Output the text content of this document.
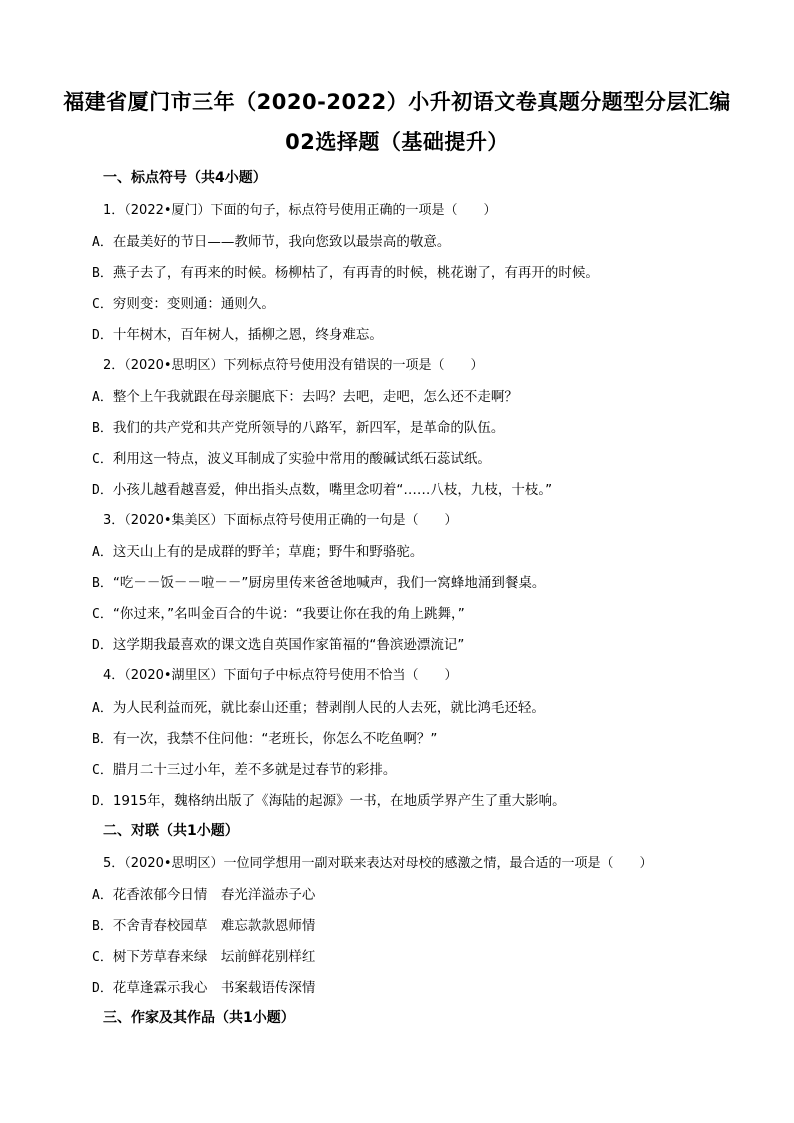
福建省厦门市三年（2020-2022）小升初语文卷真题分题型分层汇编
02选择题（基础提升）
一、标点符号（共4小题）
1．（2022•厦门）下面的句子，标点符号使用正确的一项是（　　）
A．在最美好的节日——教师节，我向您致以最崇高的敬意。
B．燕子去了，有再来的时候。杨柳枯了，有再青的时候，桃花谢了，有再开的时候。
C．穷则变：变则通：通则久。
D．十年树木，百年树人，插柳之恩，终身难忘。
2．（2020•思明区）下列标点符号使用没有错误的一项是（　　）
A．整个上午我就跟在母亲腿底下：去吗？去吧，走吧，怎么还不走啊？
B．我们的共产党和共产党所领导的八路军，新四军，是革命的队伍。
C．利用这一特点，波义耳制成了实验中常用的酸碱试纸石蕊试纸。
D．小孩儿越看越喜爱，伸出指头点数，嘴里念叨着“……八枝，九枝，十枝。”
3．（2020•集美区）下面标点符号使用正确的一句是（　　）
A．这天山上有的是成群的野羊；草鹿；野牛和野骆驼。
B．“吃－－饭－－啦－－”厨房里传来爸爸地喊声，我们一窝蜂地涌到餐桌。
C．“你过来，”名叫金百合的牛说：“我要让你在我的角上跳舞，”
D．这学期我最喜欢的课文选自英国作家笛福的“鲁滨逊漂流记”
4．（2020•湖里区）下面句子中标点符号使用不恰当（　　）
A．为人民利益而死，就比泰山还重；替剥削人民的人去死，就比鸿毛还轻。
B．有一次，我禁不住问他：“老班长，你怎么不吃鱼啊？”
C．腊月二十三过小年，差不多就是过春节的彩排。
D．1915年，魏格纳出版了《海陆的起源》一书，在地质学界产生了重大影响。
二、对联（共1小题）
5．（2020•思明区）一位同学想用一副对联来表达对母校的感激之情，最合适的一项是（　　）
A．花香浓郁今日情　春光洋溢赤子心
B．不舍青春校园草　难忘款款恩师情
C．树下芳草春来绿　坛前鲜花别样红
D．花草逢霖示我心　书案载语传深情
三、作家及其作品（共1小题）
